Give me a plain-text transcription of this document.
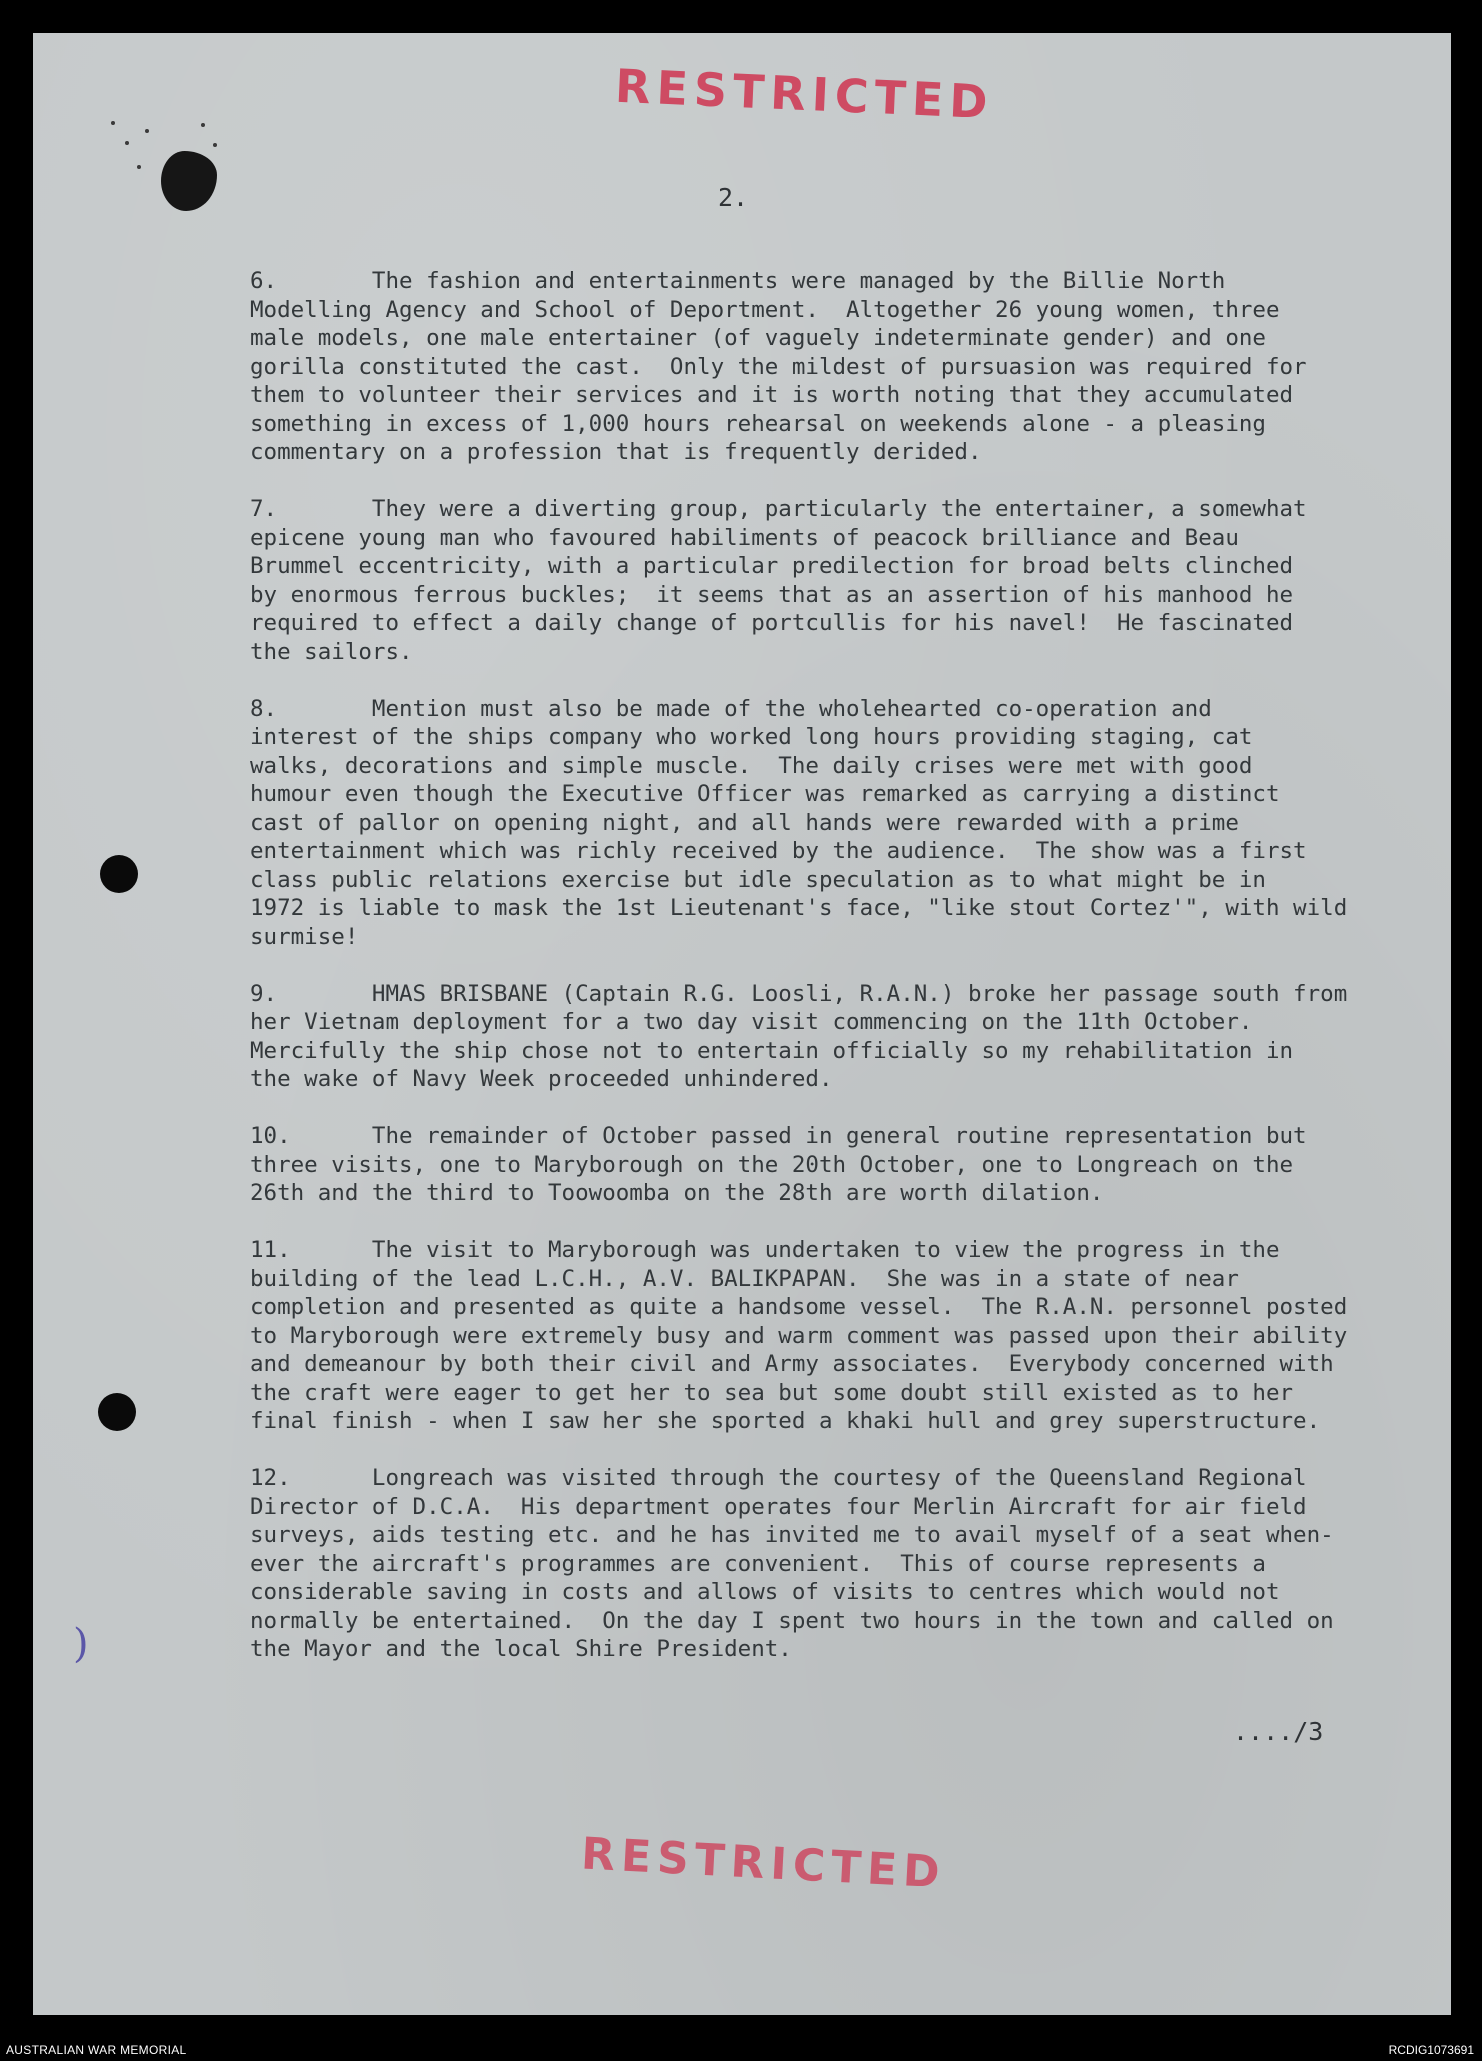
RESTRICTED
2.
6.       The fashion and entertainments were managed by the Billie North
Modelling Agency and School of Deportment.  Altogether 26 young women, three
male models, one male entertainer (of vaguely indeterminate gender) and one
gorilla constituted the cast.  Only the mildest of pursuasion was required for
them to volunteer their services and it is worth noting that they accumulated
something in excess of 1,000 hours rehearsal on weekends alone - a pleasing
commentary on a profession that is frequently derided.
7.       They were a diverting group, particularly the entertainer, a somewhat
epicene young man who favoured habiliments of peacock brilliance and Beau
Brummel eccentricity, with a particular predilection for broad belts clinched
by enormous ferrous buckles;  it seems that as an assertion of his manhood he
required to effect a daily change of portcullis for his navel!  He fascinated
the sailors.
8.       Mention must also be made of the wholehearted co-operation and
interest of the ships company who worked long hours providing staging, cat
walks, decorations and simple muscle.  The daily crises were met with good
humour even though the Executive Officer was remarked as carrying a distinct
cast of pallor on opening night, and all hands were rewarded with a prime
entertainment which was richly received by the audience.  The show was a first
class public relations exercise but idle speculation as to what might be in
1972 is liable to mask the 1st Lieutenant's face, "like stout Cortez'", with wild
surmise!
9.       HMAS BRISBANE (Captain R.G. Loosli, R.A.N.) broke her passage south from
her Vietnam deployment for a two day visit commencing on the 11th October.
Mercifully the ship chose not to entertain officially so my rehabilitation in
the wake of Navy Week proceeded unhindered.
10.      The remainder of October passed in general routine representation but
three visits, one to Maryborough on the 20th October, one to Longreach on the
26th and the third to Toowoomba on the 28th are worth dilation.
11.      The visit to Maryborough was undertaken to view the progress in the
building of the lead L.C.H., A.V. BALIKPAPAN.  She was in a state of near
completion and presented as quite a handsome vessel.  The R.A.N. personnel posted
to Maryborough were extremely busy and warm comment was passed upon their ability
and demeanour by both their civil and Army associates.  Everybody concerned with
the craft were eager to get her to sea but some doubt still existed as to her
final finish - when I saw her she sported a khaki hull and grey superstructure.
12.      Longreach was visited through the courtesy of the Queensland Regional
Director of D.C.A.  His department operates four Merlin Aircraft for air field
surveys, aids testing etc. and he has invited me to avail myself of a seat when-
ever the aircraft's programmes are convenient.  This of course represents a
considerable saving in costs and allows of visits to centres which would not
normally be entertained.  On the day I spent two hours in the town and called on
the Mayor and the local Shire President.
..../3
RESTRICTED
)
AUSTRALIAN WAR MEMORIAL	RCDIG1073691
